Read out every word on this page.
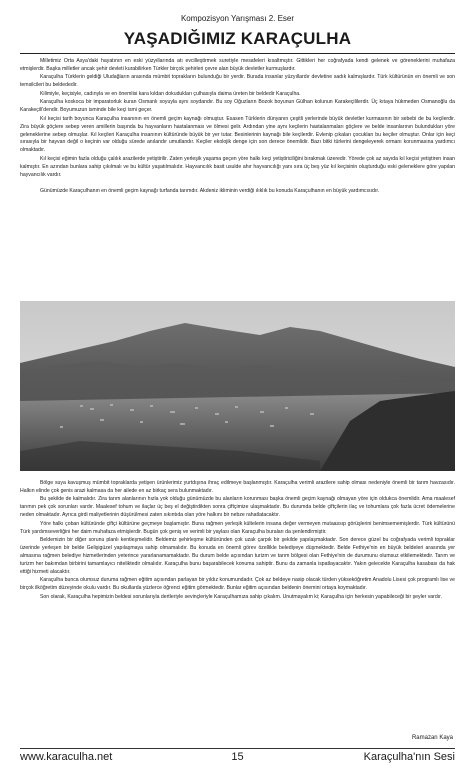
Kompozisyon Yarışması 2. Eser
YAŞADIĞIMIZ KARAÇULHA

Milletimiz Orta Asya'daki hayatının en eski yüzyıllarında atı evcilleştirmek suretiyle mesafeleri kısaltmıştır. Gittikleri her coğrafyada kendi gelenek ve göreneklerini muhafaza etmişlerdir. Başka milletler ancak şehir devleti kurabilirken Türkler birçok şehirleri çevre alan büyük devletler kurmuşlardır.

Karaçulha Türklerin geldiği Uludağların arasında mümbit toprakların bulunduğu bir yerdir. Burada insanlar yüzyıllardır devletine sadık kalmışlardır. Türk kültürünün en önemli ve son temsilcileri bu beldededir.

Kilimiyle, keçisiyle, cadınyla ve en önemlisi kara kıldan dokudukları çulhasıyla daima üreten bir beldedir Karaçulha.

Karaçulha koskoca bir imparatorluk kuran Osmanlı soyuyla aynı soydandır. Bu soy Oğuzların Bozok boyunun Gülhan kolunun Karakeçililerdir. Üç kıtaya hükmeden Osmanoğlu da Karakeçili'dendir. Boyumuzun isminde bile keçi ismi geçer.

Kıl keçisi tarih boyunca Karaçulha insanının en önemli geçim kaynağı olmuştur. Esasen Türklerin dünyanın çeşitli yerlerinde büyük devletler kurmasının bir sebebi de bu keçilerdir. Zira büyük göçlere sebep veren amillerin başında bu hayvanların hastalanması ve ölmesi gelir. Ardından yine aynı keçilerin hastalanmaları göçlere ve belde insanlarının bulundukları yöre geleneklerine sebep olmuşlar. Kıl keçileri Karaçulha insanının kültüründe büyük bir yer tutar. Besinlerinin kaynağı bile keçilerdir. Evlenip çıkaları çocukları bu keçiler olmuştur. Onlar için keçi sırasıyla bir hayvan değil o keçinin var olduğu sürede anılandır umutlandır. Keçiler ekolojik denge için son derece önemlidir. Bazı bitki türlerini dengeleyerek ormanı korunmasına yardımcı olmaktadır.

Kıl keçisi eğimin fazla olduğu çalılık arazilerde yetiştirilir. Zaten yerleşik yaşama geçen yöre halkı keçi yetiştiriciliğini bırakmak üzeredir. Yörede çok az sayıda kıl keçisi yetiştiren insan kalmıştır. En azından bunlara sahip çıkılmalı ve bu kültür yaşatılmalıdır. Hayvancılık basit usulde ahır hayvancılığı yanı sıra üç beş yüz kıl keçisinin oluşturduğu eski geleneklere göre yapılan hayvancılık vardır.

Günümüzde Karaçulhanın en önemli geçim kaynağı turfanda tarımdır. Akdeniz ikliminin verdiği ılıklık bu konuda Karaçulhanın en büyük yardımcısıdır.

Bölge suya kavuşmuş mümbit topraklarda yetişen ürünlerimiz yurtdışına ihraç edilmeye başlanmıştır. Karaçulha verimli arazilere sahip olması nedeniyle önemli bir tarım havzasıdır. Halkın elinde çok genis arazi kalmasa da her ailede en az birkaç sera bulunmaktadır.

Bu şekilde de kalmalıdır. Zira tarım alanlarının hızla yok olduğu günümüzde bu alanların korunması başka önemli geçim kaynağı olmayan yöre için oldukca önemlidir. Ama maalesef tarımın pek çok sorunları vardır. Maalesef tohum ve ilaçlar üç beş el değiştirdikten sonra çiftçimize ulaşmaktadır. Bu durumda belde çiftçilerin ilaç ve tohumlara çok fazla ücret ödemelerine neden olmaktadır. Ayrıca girdi maliyetlerinin düşürülmesi zaten sıkıntıda olan yöre halkını bir nebze rahatlatacaktır.

Yöre halkı çoban kültüründe çiftçi kültürüne geçmeye başlamıştır. Buna rağmen yerleşik kültelerin insana değer vermeyen mutaassıp görüşlerini benimsememişlerdir. Türk kültürünü Türk yardımseverliğini her daim muhafaza etmişlerdir. Bugün çok geniş ve verimli bir yaylası olan Karaçulha buraları da şenlendirmiştir.

Beldemizin bir diğer sorunu planlı kentleşmelidir. Beldemiz şehirleşme kültüründen çok uzak çarpık bir şekilde yapılaşmaktadır. Son derece güzel bu coğrafyada verimli topraklar üzerinde yerleşen bir belde Gelişigüzel yapılaşmaya sahip olmamalıdır. Bu konuda en önemli görev özellikle belediyeye düşmektedir. Belde Fethiye'nin en büyük beldeleri arasında yer almasına rağmen belediye hizmetlerinden yeterince yararlanamamaktadır. Bu durum belde açısından turizm ve tarım bölgesi olan Fethiye'nin de durumunu olumsuz etkilemektedir. Tarım ve turizm her bakımdan birbirini tamamlayıcı niteliktedir olmalıdır. Karaçulha bunu başarabilecek konuma sahiptir. Bunu da zamanla ispatlayacaktır. Yakın gelecekte Karaçulha kasabası da hak ettiği hizmeti alacaktır.

Karaçulha bunca olumsuz duruma rağmen eğitim açısından parlayan bir yıldız konumundadır. Çok az beldeye nasip olacak türden yükseköğretim Anadolu Lisesi çok programlı lise ve birçok ilköğretim düzeyinde okulu vardır. Bu okullarda yüzlerce öğrenci eğitim görmektedir. Bunlar eğitim açısından beldenin önemini ortaya koymaktadır.

Son olarak, Karaçulha hepimizin beldesi sorunlarıyla dertleriyle sevinçleriyle Karaçulhamıza sahip çıkalım. Unutmayalım ki; Karaçulha için herkesin yapabileceği bir şeyler vardır.

Ramazan Kaya
www.karaculha.net	15	Karaçulha'nın Sesi
